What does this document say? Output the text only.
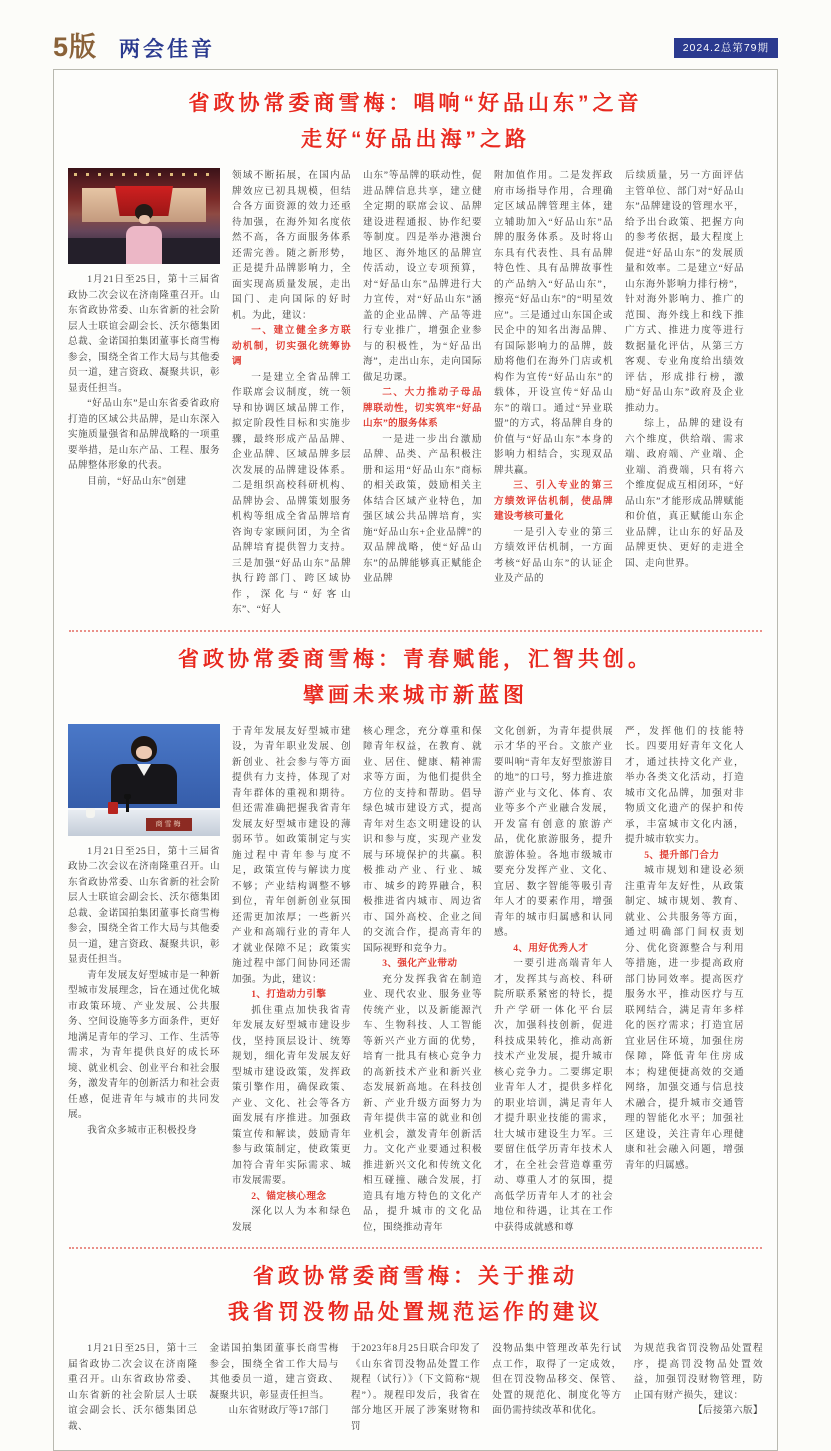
5版 两会佳音	2024.2总第79期
省政协常委商雪梅：唱响“好品山东”之音
走好“好品出海”之路

1月21日至25日，第十三届省政协二次会议在济南隆重召开。山东省政协常委、山东省新的社会阶层人士联谊会副会长、沃尔德集团总裁、金诺国拍集团董事长商雪梅参会，围绕全省工作大局与其他委员一道，建言资政、凝聚共识，彰显责任担当。

“好品山东”是山东省委省政府打造的区域公共品牌，是山东深入实施质量强省和品牌战略的一项重要举措，是山东产品、工程、服务品牌整体形象的代表。

目前，“好品山东”创建

领域不断拓展，在国内品牌效应已初具规模，但结合各方面资源的效力还亟待加强，在海外知名度依然不高，各方面服务体系还需完善。随之新形势，正是提升品牌影响力，全面实现高质量发展，走出国门、走向国际的好时机。为此，建议：

一、建立健全多方联动机制，切实强化统筹协调

一是建立全省品牌工作联席会议制度，统一领导和协调区域品牌工作，拟定阶段性目标和实施步骤，最终形成产品品牌、企业品牌、区域品牌多层次发展的品牌建设体系。二是组织高校科研机构、品牌协会、品牌策划服务机构等组成全省品牌培育咨询专家顾问团，为全省品牌培育提供智力支持。三是加强“好品山东”品牌执行跨部门、跨区域协作，深化与“好客山东”、“好人

山东”等品牌的联动性，促进品牌信息共享，建立健全定期的联席会议、品牌建设进程通报、协作纪要等制度。四是举办港澳台地区、海外地区的品牌宣传活动，设立专项预算，对“好品山东”品牌进行大力宣传，对“好品山东”涵盖的企业品牌、产品等进行专业推广，增强企业参与的积极性，为“好品出海”，走出山东，走向国际做足功课。

二、大力推动子母品牌联动性，切实筑牢“好品山东”的服务体系

一是进一步出台激励品牌、品类、产品积极注册和运用“好品山东”商标的相关政策，鼓励相关主体结合区域产业特色，加强区域公共品牌培育，实施“好品山东+企业品牌”的双品牌战略，使“好品山东”的品牌能够真正赋能企业品牌

附加值作用。二是发挥政府市场指导作用，合理确定区域品牌管理主体，建立辅助加入“好品山东”品牌的服务体系。及时将山东具有代表性、具有品牌特色性、具有品牌故事性的产品纳入“好品山东”，擦亮“好品山东”的“明星效应”。三是通过山东国企或民企中的知名出海品牌、有国际影响力的品牌，鼓励将他们在海外门店或机构作为宣传“好品山东”的载体，开设宣传“好品山东”的端口。通过“异业联盟”的方式，将品牌自身的价值与“好品山东”本身的影响力相结合，实现双品牌共赢。

三、引入专业的第三方绩效评估机制，使品牌建设考核可量化

一是引入专业的第三方绩效评估机制，一方面考核“好品山东”的认证企业及产品的

后续质量，另一方面评估主管单位、部门对“好品山东”品牌建设的管理水平，给予出台政策、把握方向的参考依据，最大程度上促进“好品山东”的发展质量和效率。二是建立“好品山东海外影响力排行榜”，针对海外影响力、推广的范围、海外线上和线下推广方式、推进力度等进行数据量化评估，从第三方客观、专业角度给出绩效评估，形成排行榜，激励“好品山东”政府及企业推动力。

综上，品牌的建设有六个维度，供给端、需求端、政府端、产业端、企业端、消费端，只有将六个维度促成互相闭环，“好品山东”才能形成品牌赋能和价值，真正赋能山东企业品牌，让山东的好品及品牌更快、更好的走进全国、走向世界。

省政协常委商雪梅：青春赋能，汇智共创。
擘画未来城市新蓝图
商雪梅

1月21日至25日，第十三届省政协二次会议在济南隆重召开。山东省政协常委、山东省新的社会阶层人士联谊会副会长、沃尔德集团总裁、金诺国拍集团董事长商雪梅参会，围绕全省工作大局与其他委员一道，建言资政、凝聚共识，彰显责任担当。

青年发展友好型城市是一种新型城市发展理念，旨在通过优化城市政策环境、产业发展、公共服务、空间设施等多方面条件，更好地满足青年的学习、工作、生活等需求，为青年提供良好的成长环境、就业机会、创业平台和社会服务，激发青年的创新活力和社会责任感，促进青年与城市的共同发展。

我省众多城市正积极投身

于青年发展友好型城市建设，为青年职业发展、创新创业、社会参与等方面提供有力支持，体现了对青年群体的重视和期待。但还需准确把握我省青年发展友好型城市建设的薄弱环节。如政策制定与实施过程中青年参与度不足，政策宣传与解读力度不够；产业结构调整不够到位，青年创新创业氛围还需更加浓厚；一些新兴产业和高端行业的青年人才就业保障不足；政策实施过程中部门间协同还需加强。为此，建议：

1、打造动力引擎

抓住重点加快我省青年发展友好型城市建设步伐，坚持顶层设计、统筹规划，细化青年发展友好型城市建设政策，发挥政策引擎作用，确保政策、产业、文化、社会等各方面发展有序推进。加强政策宣传和解读，鼓励青年参与政策制定，使政策更加符合青年实际需求、城市发展需要。

2、锚定核心理念

深化以人为本和绿色发展

核心理念，充分尊重和保障青年权益，在教育、就业、居住、健康、精神需求等方面，为他们提供全方位的支持和帮助。倡导绿色城市建设方式，提高青年对生态文明建设的认识和参与度，实现产业发展与环境保护的共赢。积极推动产业、行业、城市、城乡的跨界融合，积极推进省内城市、周边省市、国外高校、企业之间的交流合作，提高青年的国际视野和竞争力。

3、强化产业带动

充分发挥我省在制造业、现代农业、服务业等传统产业，以及新能源汽车、生物科技、人工智能等新兴产业方面的优势，培育一批具有核心竞争力的高新技术产业和新兴业态发展新高地。在科技创新、产业升级方面努力为青年提供丰富的就业和创业机会，激发青年创新活力。文化产业要通过积极推进新兴文化和传统文化相互碰撞、融合发展，打造具有地方特色的文化产品，提升城市的文化品位，围绕推动青年

文化创新，为青年提供展示才华的平台。文旅产业要叫响“青年友好型旅游目的地”的口号，努力推进旅游产业与文化、体育、农业等多个产业融合发展，开发富有创意的旅游产品，优化旅游服务，提升旅游体验。各地市级城市要充分发挥产业、文化、宜居、数字智能等吸引青年人才的要素作用，增强青年的城市归属感和认同感。

4、用好优秀人才

一要引进高端青年人才，发挥其与高校、科研院所联系紧密的特长，提升产学研一体化平台层次，加强科技创新，促进科技成果转化，推动高新技术产业发展，提升城市核心竞争力。二要绑定职业青年人才，提供多样化的职业培训，满足青年人才提升职业技能的需求，壮大城市建设生力军。三要留住低学历青年技术人才，在全社会营造尊重劳动、尊重人才的氛围，提高低学历青年人才的社会地位和待遇，让其在工作中获得成就感和尊

严，发挥他们的技能特长。四要用好青年文化人才，通过扶持文化产业，举办各类文化活动，打造城市文化品牌，加强对非物质文化遗产的保护和传承，丰富城市文化内涵，提升城市软实力。

5、提升部门合力

城市规划和建设必须注重青年友好性，从政策制定、城市规划、教育、就业、公共服务等方面，通过明确部门间权责划分、优化资源整合与利用等措施，进一步提高政府部门协同效率。提高医疗服务水平，推动医疗与互联网结合，满足青年多样化的医疗需求；打造宜居宜业居住环境，加强住房保障，降低青年住房成本；构建便捷高效的交通网络，加强交通与信息技术融合，提升城市交通管理的智能化水平；加强社区建设，关注青年心理健康和社会融入问题，增强青年的归属感。

省政协常委商雪梅：关于推动
我省罚没物品处置规范运作的建议

1月21日至25日，第十三届省政协二次会议在济南隆重召开。山东省政协常委、山东省新的社会阶层人士联谊会副会长、沃尔德集团总裁、

金诺国拍集团董事长商雪梅参会，围绕全省工作大局与其他委员一道，建言资政、凝聚共识，彰显责任担当。

山东省财政厅等17部门

于2023年8月25日联合印发了《山东省罚没物品处置工作规程（试行）》（下文简称“规程”）。规程印发后，我省在部分地区开展了涉案财物和罚

没物品集中管理改革先行试点工作，取得了一定成效，但在罚没物品移交、保管、处置的规范化、制度化等方面仍需持续改革和优化。

为规范我省罚没物品处置程序，提高罚没物品处置效益，加强罚没财物管理，防止国有财产损失，建议：

【后接第六版】
